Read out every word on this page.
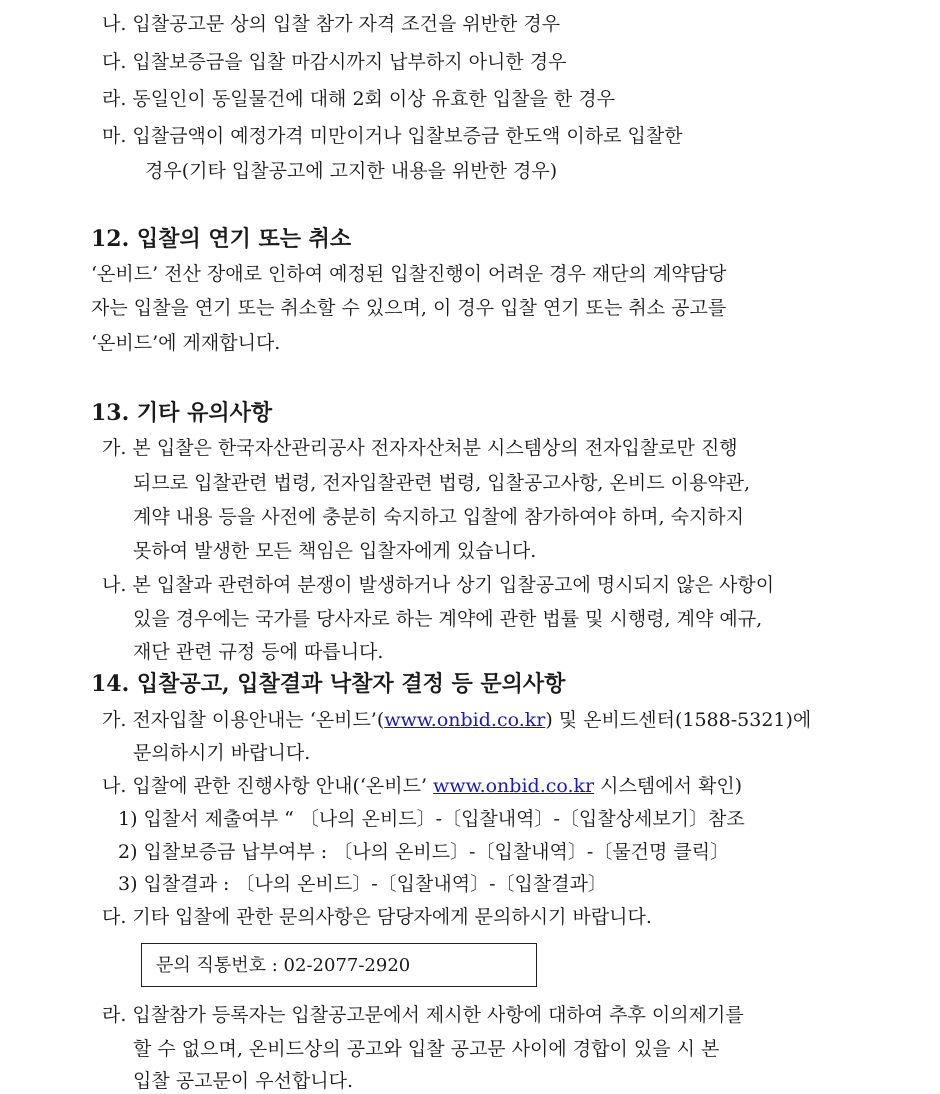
나. 입찰공고문 상의 입찰 참가 자격 조건을 위반한 경우
다. 입찰보증금을 입찰 마감시까지 납부하지 아니한 경우
라. 동일인이 동일물건에 대해 2회 이상 유효한 입찰을 한 경우
마. 입찰금액이 예정가격 미만이거나 입찰보증금 한도액 이하로 입찰한
경우(기타 입찰공고에 고지한 내용을 위반한 경우)
12. 입찰의 연기 또는 취소
‘온비드’ 전산 장애로 인하여 예정된 입찰진행이 어려운 경우 재단의 계약담당
자는 입찰을 연기 또는 취소할 수 있으며, 이 경우 입찰 연기 또는 취소 공고를
‘온비드’에 게재합니다.
13. 기타 유의사항
가. 본 입찰은 한국자산관리공사 전자자산처분 시스템상의 전자입찰로만 진행
되므로 입찰관련 법령, 전자입찰관련 법령, 입찰공고사항, 온비드 이용약관,
계약 내용 등을 사전에 충분히 숙지하고 입찰에 참가하여야 하며, 숙지하지
못하여 발생한 모든 책임은 입찰자에게 있습니다.
나. 본 입찰과 관련하여 분쟁이 발생하거나 상기 입찰공고에 명시되지 않은 사항이
있을 경우에는 국가를 당사자로 하는 계약에 관한 법률 및 시행령, 계약 예규,
재단 관련 규정 등에 따릅니다.
14. 입찰공고, 입찰결과 낙찰자 결정 등 문의사항
가. 전자입찰 이용안내는 ‘온비드’(www.onbid.co.kr) 및 온비드센터(1588-5321)에
문의하시기 바랍니다.
나. 입찰에 관한 진행사항 안내(‘온비드’ www.onbid.co.kr 시스템에서 확인)
1) 입찰서 제출여부 “ 〔나의 온비드〕-〔입찰내역〕-〔입찰상세보기〕참조
2) 입찰보증금 납부여부 : 〔나의 온비드〕-〔입찰내역〕-〔물건명 클릭〕
3) 입찰결과 : 〔나의 온비드〕-〔입찰내역〕-〔입찰결과〕
다. 기타 입찰에 관한 문의사항은 담당자에게 문의하시기 바랍니다.
문의 직통번호 : 02-2077-2920
라. 입찰참가 등록자는 입찰공고문에서 제시한 사항에 대하여 추후 이의제기를
할 수 없으며, 온비드상의 공고와 입찰 공고문 사이에 경합이 있을 시 본
입찰 공고문이 우선합니다.
